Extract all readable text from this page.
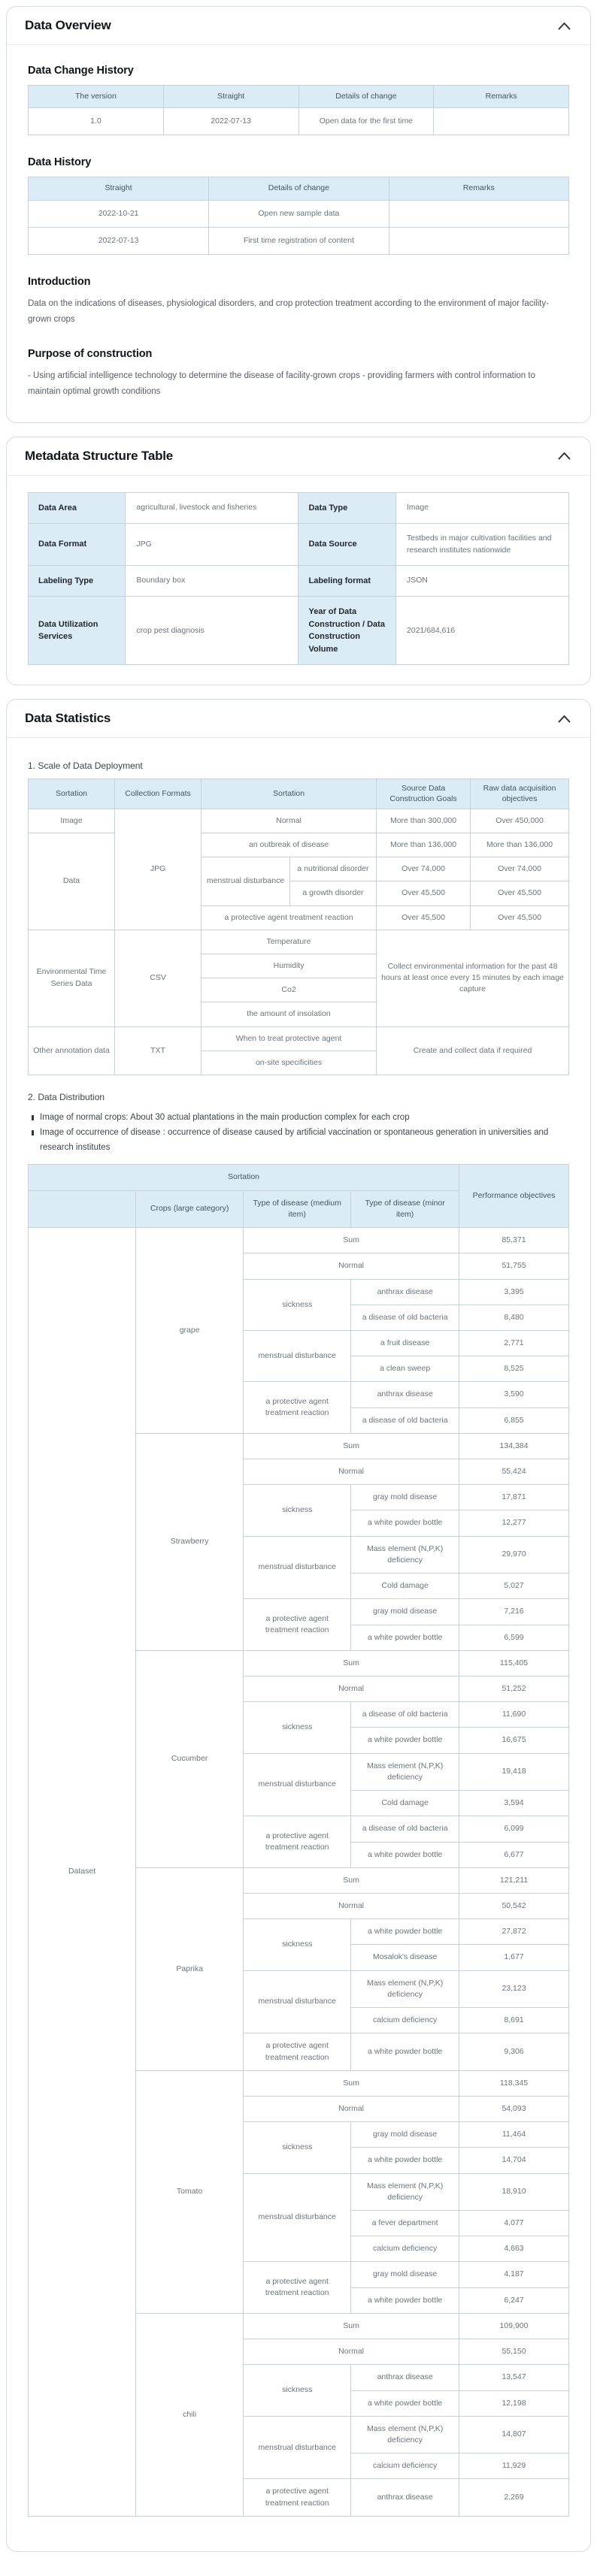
Data Overview
Data Change History
The version	Straight	Details of change	Remarks
1.0	2022-07-13	Open data for the first time	
Data History
Straight	Details of change	Remarks
2022-10-21	Open new sample data	
2022-07-13	First time registration of content	
Introduction

Data on the indications of diseases, physiological disorders, and crop protection treatment according to the environment of major facility-grown crops

Purpose of construction

- Using artificial intelligence technology to determine the disease of facility-grown crops - providing farmers with control information to maintain optimal growth conditions

Metadata Structure Table
Data Area	agricultural, livestock and fisheries	Data Type	Image
Data Format	JPG	Data Source	Testbeds in major cultivation facilities and research institutes nationwide
Labeling Type	Boundary box	Labeling format	JSON
Data Utilization Services	crop pest diagnosis	Year of Data Construction / Data Construction Volume	2021/684,616
Data Statistics
1. Scale of Data Deployment
Sortation	Collection Formats	Sortation		Source Data Construction Goals	Raw data acquisition objectives
Image	JPG	Normal		More than 300,000	Over 450,000
Data		an outbreak of disease		More than 136,000	More than 136,000
		menstrual disturbance	a nutritional disorder	Over 74,000	Over 74,000
			a growth disorder	Over 45,500	Over 45,500
		a protective agent treatment reaction		Over 45,500	Over 45,500
Environmental Time Series Data	CSV	Temperature		Collect environmental information for the past 48 hours at least once every 15 minutes by each image capture	
		Humidity			
		Co2			
		the amount of insolation			
Other annotation data	TXT	When to treat protective agent		Create and collect data if required	
		on-site specificities			
2. Data Distribution
Image of normal crops: About 30 actual plantations in the main production complex for each crop
Image of occurrence of disease : occurrence of disease caused by artificial vaccination or spontaneous generation in universities and research institutes
Sortation				Performance objectives
	Crops (large category)	Type of disease (medium item)	Type of disease (minor item)	
Dataset	grape	Sum		85,371
		Normal		51,755
		sickness	anthrax disease	3,395
			a disease of old bacteria	8,480
		menstrual disturbance	a fruit disease	2,771
			a clean sweep	8,525
		a protective agent treatment reaction	anthrax disease	3,590
			a disease of old bacteria	6,855
	Strawberry	Sum		134,384
		Normal		55,424
		sickness	gray mold disease	17,871
			a white powder bottle	12,277
		menstrual disturbance	Mass element (N,P,K) deficiency	29,970
			Cold damage	5,027
		a protective agent treatment reaction	gray mold disease	7,216
			a white powder bottle	6,599
	Cucumber	Sum		115,405
		Normal		51,252
		sickness	a disease of old bacteria	11,690
			a white powder bottle	16,675
		menstrual disturbance	Mass element (N,P,K) deficiency	19,418
			Cold damage	3,594
		a protective agent treatment reaction	a disease of old bacteria	6,099
			a white powder bottle	6,677
	Paprika	Sum		121,211
		Normal		50,542
		sickness	a white powder bottle	27,872
			Mosalok's disease	1,677
		menstrual disturbance	Mass element (N,P,K) deficiency	23,123
			calcium deficiency	8,691
		a protective agent treatment reaction	a white powder bottle	9,306
	Tomato	Sum		118,345
		Normal		54,093
		sickness	gray mold disease	11,464
			a white powder bottle	14,704
		menstrual disturbance	Mass element (N,P,K) deficiency	18,910
			a fever department	4,077
			calcium deficiency	4,663
		a protective agent treatment reaction	gray mold disease	4,187
			a white powder bottle	6,247
	chili	Sum		109,900
		Normal		55,150
		sickness	anthrax disease	13,547
			a white powder bottle	12,198
		menstrual disturbance	Mass element (N,P,K) deficiency	14,807
			calcium deficiency	11,929
		a protective agent treatment reaction	anthrax disease	2,269
